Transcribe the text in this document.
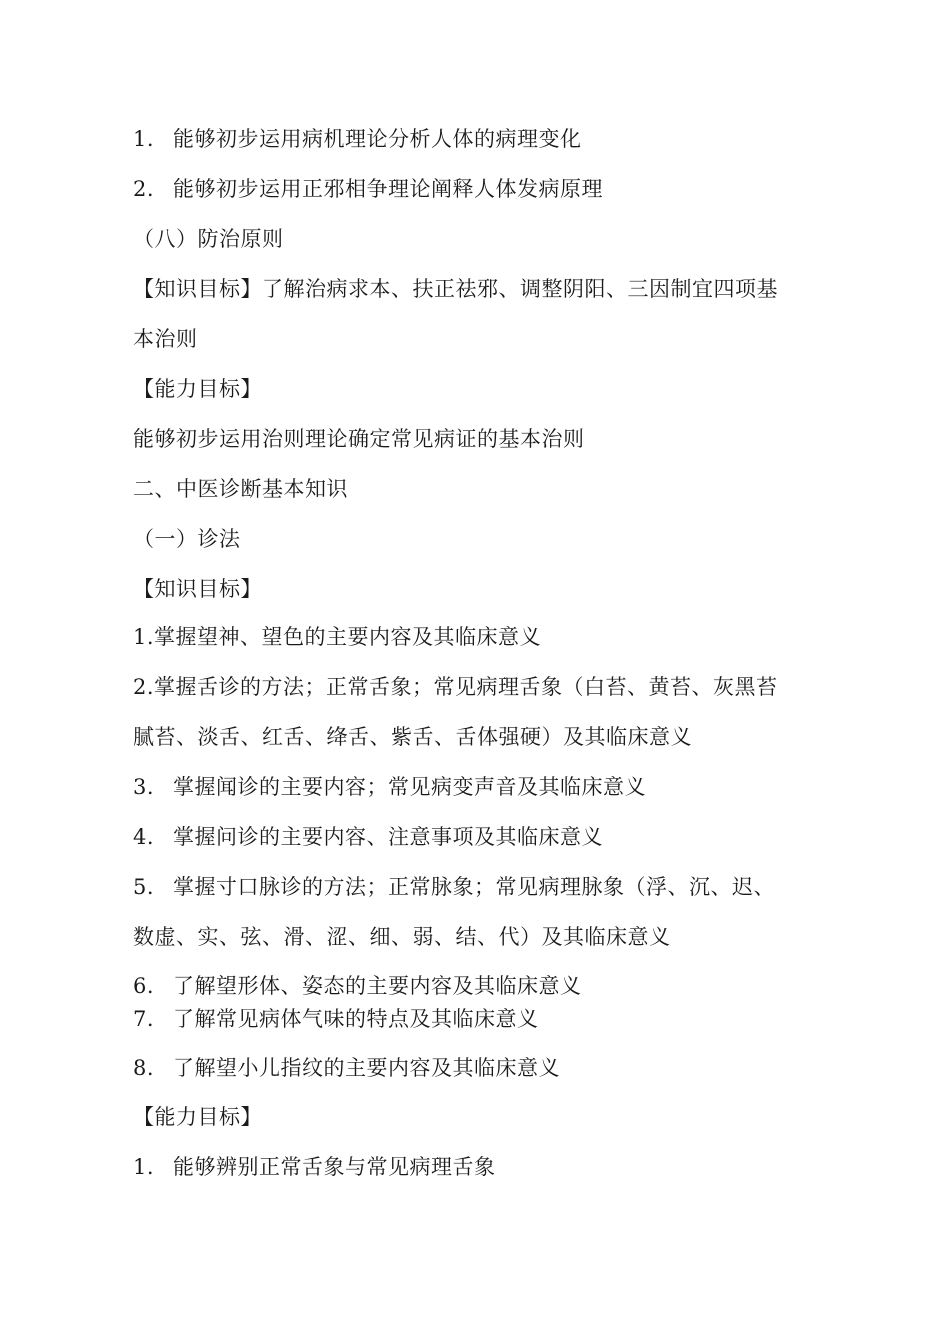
1. 能够初步运用病机理论分析人体的病理变化
2. 能够初步运用正邪相争理论阐释人体发病原理
（八）防治原则
【知识目标】了解治病求本、扶正祛邪、调整阴阳、三因制宜四项基
本治则
【能力目标】
能够初步运用治则理论确定常见病证的基本治则
二、中医诊断基本知识
（一）诊法
【知识目标】
1.掌握望神、望色的主要内容及其临床意义
2.掌握舌诊的方法；正常舌象；常见病理舌象（白苔、黄苔、灰黑苔
腻苔、淡舌、红舌、绛舌、紫舌、舌体强硬）及其临床意义
3. 掌握闻诊的主要内容；常见病变声音及其临床意义
4. 掌握问诊的主要内容、注意事项及其临床意义
5. 掌握寸口脉诊的方法；正常脉象；常见病理脉象（浮、沉、迟、
数虚、实、弦、滑、涩、细、弱、结、代）及其临床意义
6. 了解望形体、姿态的主要内容及其临床意义
7. 了解常见病体气味的特点及其临床意义
8. 了解望小儿指纹的主要内容及其临床意义
【能力目标】
1. 能够辨别正常舌象与常见病理舌象
